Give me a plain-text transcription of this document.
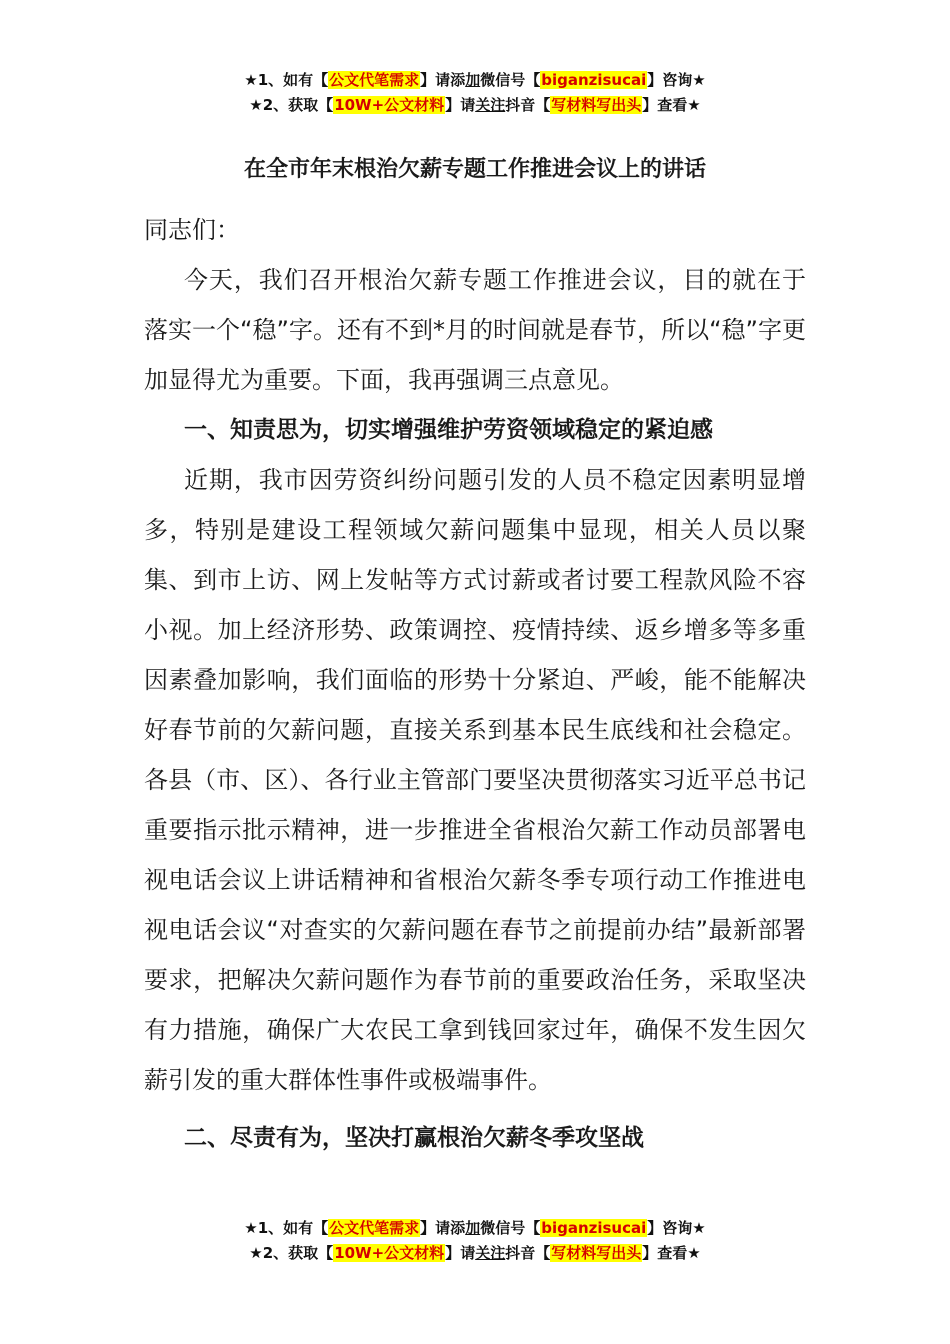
★1、如有【公文代笔需求】请添加微信号【biganzisucai】咨询★
★2、获取【10W+公文材料】请关注抖音【写材料写出头】查看★
在全市年末根治欠薪专题工作推进会议上的讲话

同志们：

今天，我们召开根治欠薪专题工作推进会议，目的就在于落实一个“稳”字。还有不到*月的时间就是春节，所以“稳”字更加显得尤为重要。下面，我再强调三点意见。

一、知责思为，切实增强维护劳资领域稳定的紧迫感

近期，我市因劳资纠纷问题引发的人员不稳定因素明显增多，特别是建设工程领域欠薪问题集中显现，相关人员以聚集、到市上访、网上发帖等方式讨薪或者讨要工程款风险不容小视。加上经济形势、政策调控、疫情持续、返乡增多等多重因素叠加影响，我们面临的形势十分紧迫、严峻，能不能解决好春节前的欠薪问题，直接关系到基本民生底线和社会稳定。各县（市、区）、各行业主管部门要坚决贯彻落实习近平总书记重要指示批示精神，进一步推进全省根治欠薪工作动员部署电视电话会议上讲话精神和省根治欠薪冬季专项行动工作推进电视电话会议“对查实的欠薪问题在春节之前提前办结”最新部署要求，把解决欠薪问题作为春节前的重要政治任务，采取坚决有力措施，确保广大农民工拿到钱回家过年，确保不发生因欠薪引发的重大群体性事件或极端事件。

二、尽责有为，坚决打赢根治欠薪冬季攻坚战

★1、如有【公文代笔需求】请添加微信号【biganzisucai】咨询★
★2、获取【10W+公文材料】请关注抖音【写材料写出头】查看★
